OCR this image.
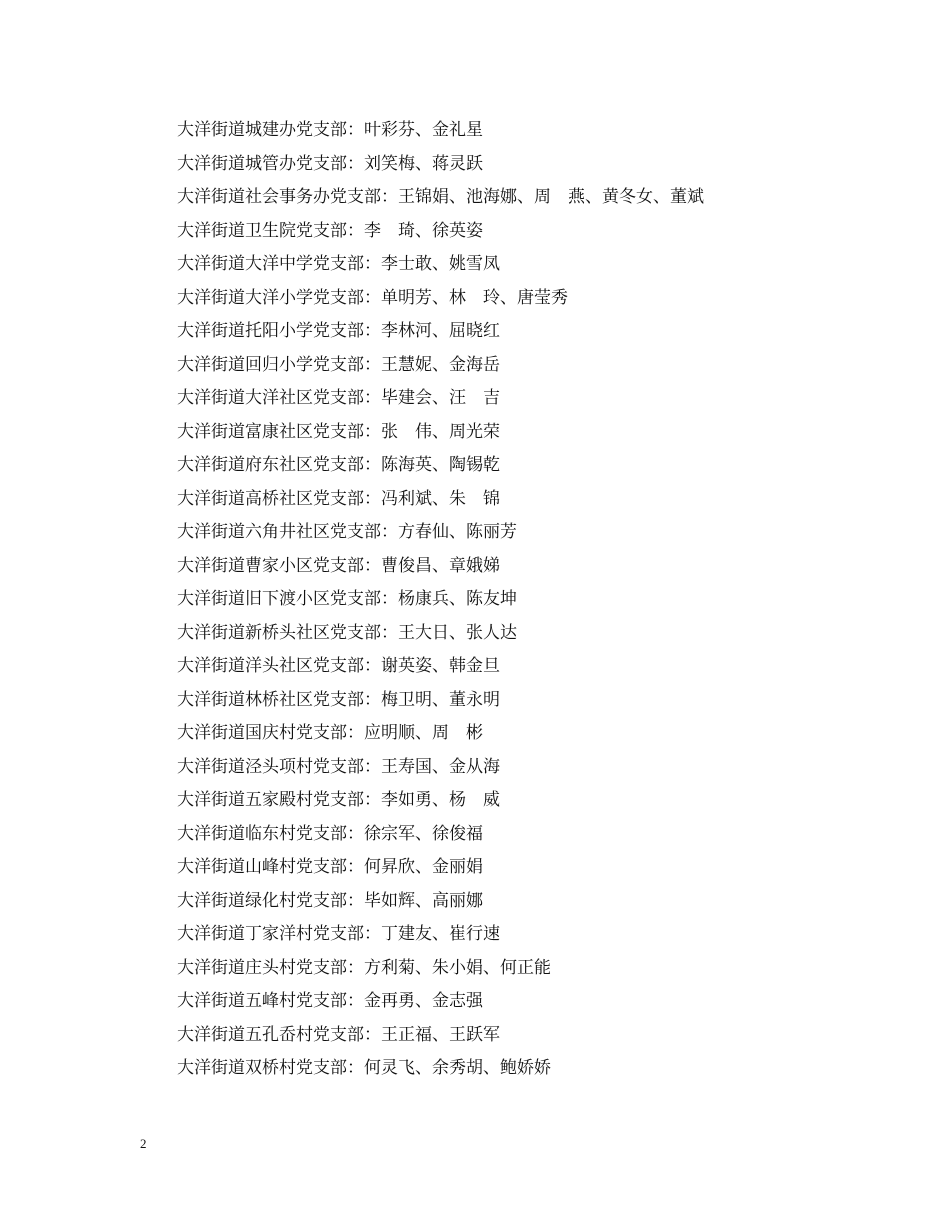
大洋街道城建办党支部：叶彩芬、金礼星
大洋街道城管办党支部：刘笑梅、蒋灵跃
大洋街道社会事务办党支部：王锦娟、池海娜、周　燕、黄冬女、董斌
大洋街道卫生院党支部：李　琦、徐英姿
大洋街道大洋中学党支部：李士敢、姚雪凤
大洋街道大洋小学党支部：单明芳、林　玲、唐莹秀
大洋街道托阳小学党支部：李林河、屈晓红
大洋街道回归小学党支部：王慧妮、金海岳
大洋街道大洋社区党支部：毕建会、汪　吉
大洋街道富康社区党支部：张　伟、周光荣
大洋街道府东社区党支部：陈海英、陶锡乾
大洋街道高桥社区党支部：冯利斌、朱　锦
大洋街道六角井社区党支部：方春仙、陈丽芳
大洋街道曹家小区党支部：曹俊昌、章娥娣
大洋街道旧下渡小区党支部：杨康兵、陈友坤
大洋街道新桥头社区党支部：王大日、张人达
大洋街道洋头社区党支部：谢英姿、韩金旦
大洋街道林桥社区党支部：梅卫明、董永明
大洋街道国庆村党支部：应明顺、周　彬
大洋街道泾头项村党支部：王寿国、金从海
大洋街道五家殿村党支部：李如勇、杨　威
大洋街道临东村党支部：徐宗军、徐俊福
大洋街道山峰村党支部：何昇欣、金丽娟
大洋街道绿化村党支部：毕如辉、高丽娜
大洋街道丁家洋村党支部：丁建友、崔行速
大洋街道庄头村党支部：方利菊、朱小娟、何正能
大洋街道五峰村党支部：金再勇、金志强
大洋街道五孔岙村党支部：王正福、王跃军
大洋街道双桥村党支部：何灵飞、余秀胡、鲍娇娇
2
